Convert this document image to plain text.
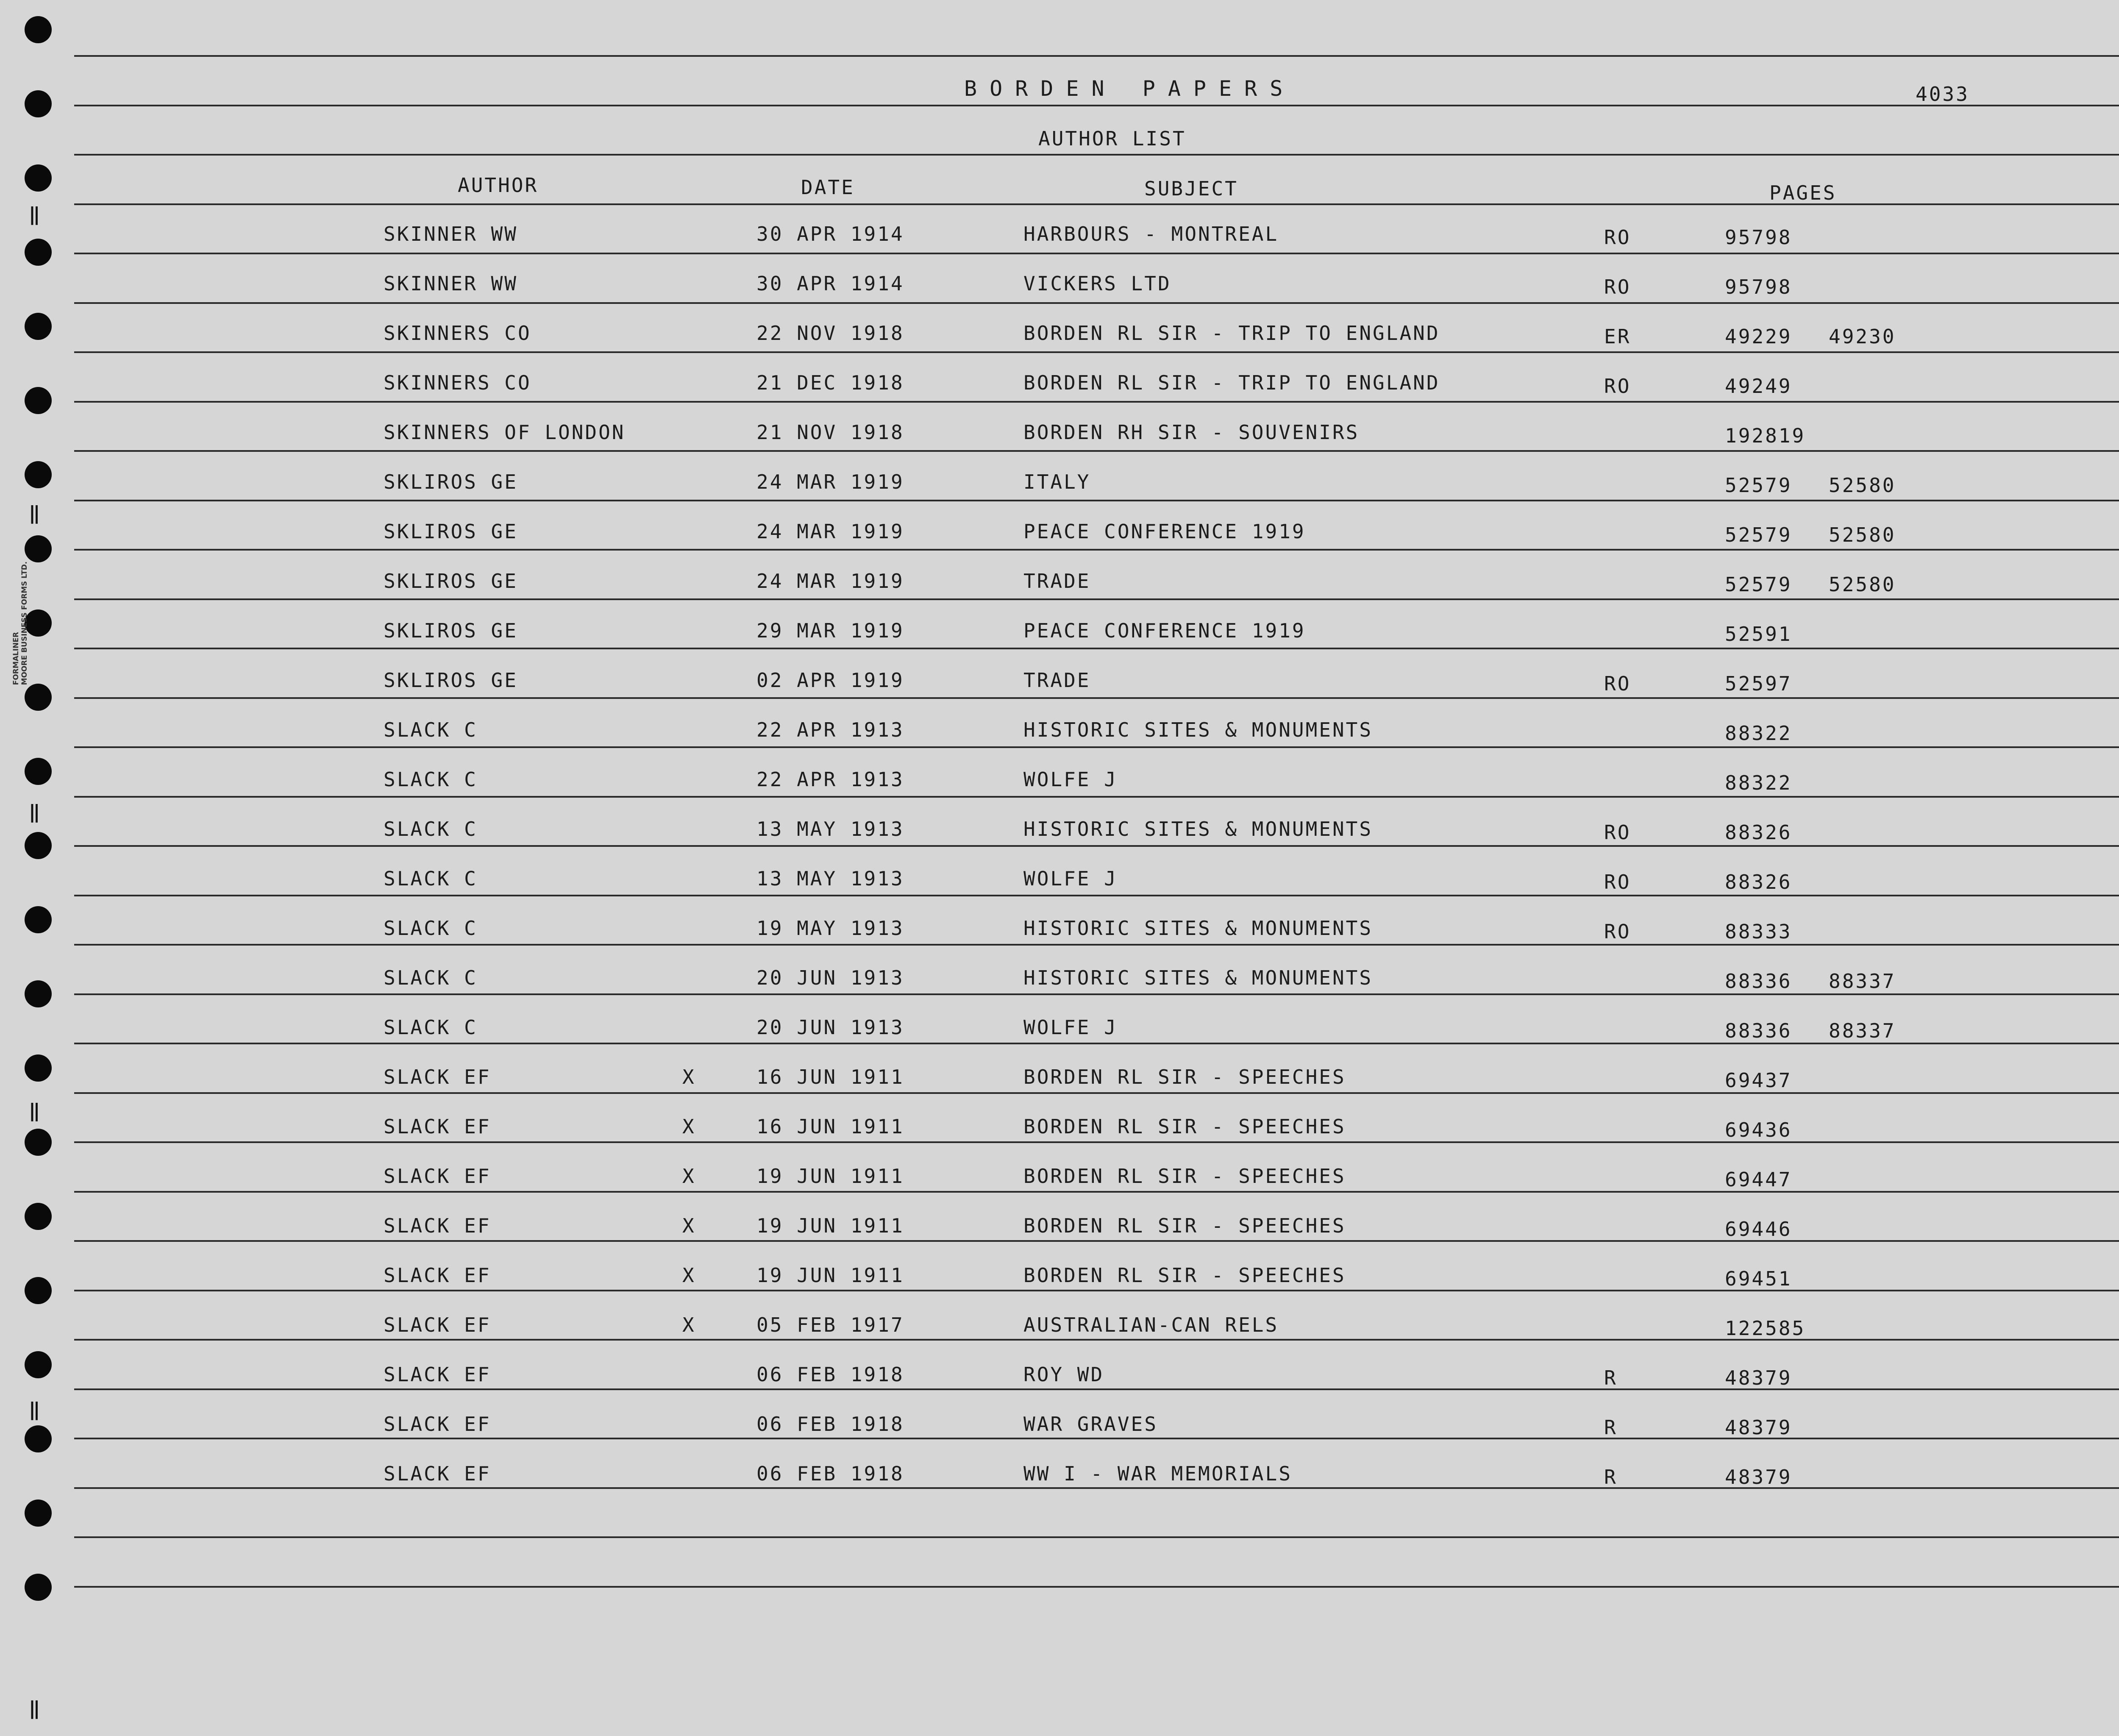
‖
‖
‖
‖
‖
‖

FORMALINER
MOORE BUSINESS FORMS LTD.

BORDEN PAPERS	4033
AUTHOR LIST
AUTHOR	DATE	SUBJECT	PAGES
SKINNER WW	30 APR 1914	HARBOURS - MONTREAL	RO	95798
SKINNER WW	30 APR 1914	VICKERS LTD	RO	95798
SKINNERS CO	22 NOV 1918	BORDEN RL SIR - TRIP TO ENGLAND	ER	49229 49230
SKINNERS CO	21 DEC 1918	BORDEN RL SIR - TRIP TO ENGLAND	RO	49249
SKINNERS OF LONDON	21 NOV 1918	BORDEN RH SIR - SOUVENIRS	192819
SKLIROS GE	24 MAR 1919	ITALY	52579 52580
SKLIROS GE	24 MAR 1919	PEACE CONFERENCE 1919	52579 52580
SKLIROS GE	24 MAR 1919	TRADE	52579 52580
SKLIROS GE	29 MAR 1919	PEACE CONFERENCE 1919	52591
SKLIROS GE	02 APR 1919	TRADE	RO	52597
SLACK C	22 APR 1913	HISTORIC SITES & MONUMENTS	88322
SLACK C	22 APR 1913	WOLFE J	88322
SLACK C	13 MAY 1913	HISTORIC SITES & MONUMENTS	RO	88326
SLACK C	13 MAY 1913	WOLFE J	RO	88326
SLACK C	19 MAY 1913	HISTORIC SITES & MONUMENTS	RO	88333
SLACK C	20 JUN 1913	HISTORIC SITES & MONUMENTS	88336 88337
SLACK C	20 JUN 1913	WOLFE J	88336 88337
SLACK EF	X	16 JUN 1911	BORDEN RL SIR - SPEECHES	69437
SLACK EF	X	16 JUN 1911	BORDEN RL SIR - SPEECHES	69436
SLACK EF	X	19 JUN 1911	BORDEN RL SIR - SPEECHES	69447
SLACK EF	X	19 JUN 1911	BORDEN RL SIR - SPEECHES	69446
SLACK EF	X	19 JUN 1911	BORDEN RL SIR - SPEECHES	69451
SLACK EF	X	05 FEB 1917	AUSTRALIAN-CAN RELS	122585
SLACK EF	06 FEB 1918	ROY WD	R	48379
SLACK EF	06 FEB 1918	WAR GRAVES	R	48379
SLACK EF	06 FEB 1918	WW I - WAR MEMORIALS	R	48379
